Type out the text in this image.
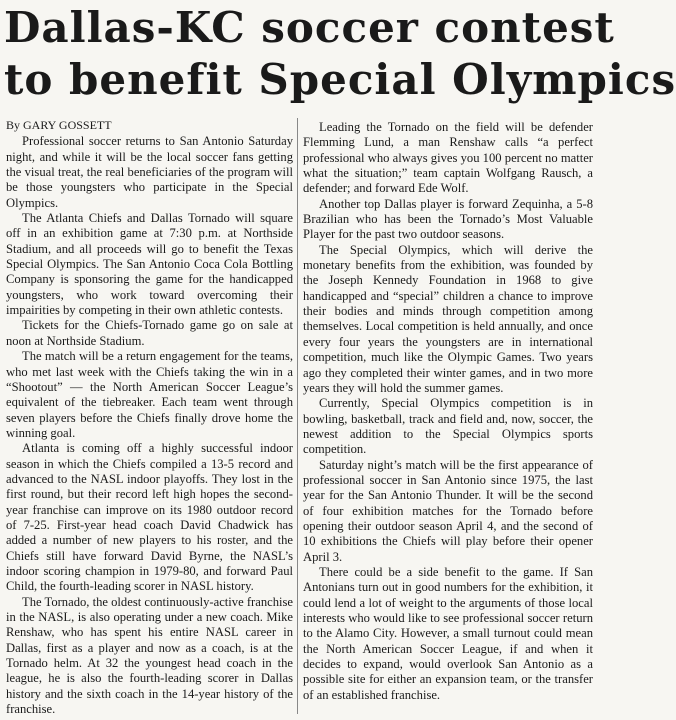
Dallas-KC soccer contest
to benefit Special Olympics

By GARY GOSSETT

Professional soccer returns to San Antonio Saturday night, and while it will be the local soccer fans getting the visual treat, the real beneficiaries of the program will be those youngsters who participate in the Special Olympics.

The Atlanta Chiefs and Dallas Tornado will square off in an exhibition game at 7:30 p.m. at Northside Stadium, and all proceeds will go to benefit the Texas Special Olympics. The San Antonio Coca Cola Bottling Company is sponsoring the game for the handicapped youngsters, who work toward overcoming their impairities by competing in their own athletic contests.

Tickets for the Chiefs-Tornado game go on sale at noon at Northside Stadium.

The match will be a return engagement for the teams, who met last week with the Chiefs taking the win in a “Shootout” — the North American Soccer League’s equivalent of the tiebreaker. Each team went through seven players before the Chiefs finally drove home the winning goal.

Atlanta is coming off a highly successful indoor season in which the Chiefs compiled a 13-5 record and advanced to the NASL indoor playoffs. They lost in the first round, but their record left high hopes the second-year franchise can improve on its 1980 outdoor record of 7-25. First-year head coach David Chadwick has added a number of new players to his roster, and the Chiefs still have forward David Byrne, the NASL’s indoor scoring champion in 1979-80, and forward Paul Child, the fourth-leading scorer in NASL history.

The Tornado, the oldest continuously-active franchise in the NASL, is also operating under a new coach. Mike Renshaw, who has spent his entire NASL career in Dallas, first as a player and now as a coach, is at the Tornado helm. At 32 the youngest head coach in the league, he is also the fourth-leading scorer in Dallas history and the sixth coach in the 14-year history of the franchise.

Leading the Tornado on the field will be defender Flemming Lund, a man Renshaw calls “a perfect professional who always gives you 100 percent no matter what the situation;” team captain Wolfgang Rausch, a defender; and forward Ede Wolf.

Another top Dallas player is forward Zequinha, a 5-8 Brazilian who has been the Tornado’s Most Valuable Player for the past two outdoor seasons.

The Special Olympics, which will derive the monetary benefits from the exhibition, was founded by the Joseph Kennedy Foundation in 1968 to give handicapped and “special” children a chance to improve their bodies and minds through competition among themselves. Local competition is held annually, and once every four years the youngsters are in international competition, much like the Olympic Games. Two years ago they completed their winter games, and in two more years they will hold the summer games.

Currently, Special Olympics competition is in bowling, basketball, track and field and, now, soccer, the newest addition to the Special Olympics sports competition.

Saturday night’s match will be the first appearance of professional soccer in San Antonio since 1975, the last year for the San Antonio Thunder. It will be the second of four exhibition matches for the Tornado before opening their outdoor season April 4, and the second of 10 exhibitions the Chiefs will play before their opener April 3.

There could be a side benefit to the game. If San Antonians turn out in good numbers for the exhibition, it could lend a lot of weight to the arguments of those local interests who would like to see professional soccer return to the Alamo City. However, a small turnout could mean the North American Soccer League, if and when it decides to expand, would overlook San Antonio as a possible site for either an expansion team, or the transfer of an established franchise.
